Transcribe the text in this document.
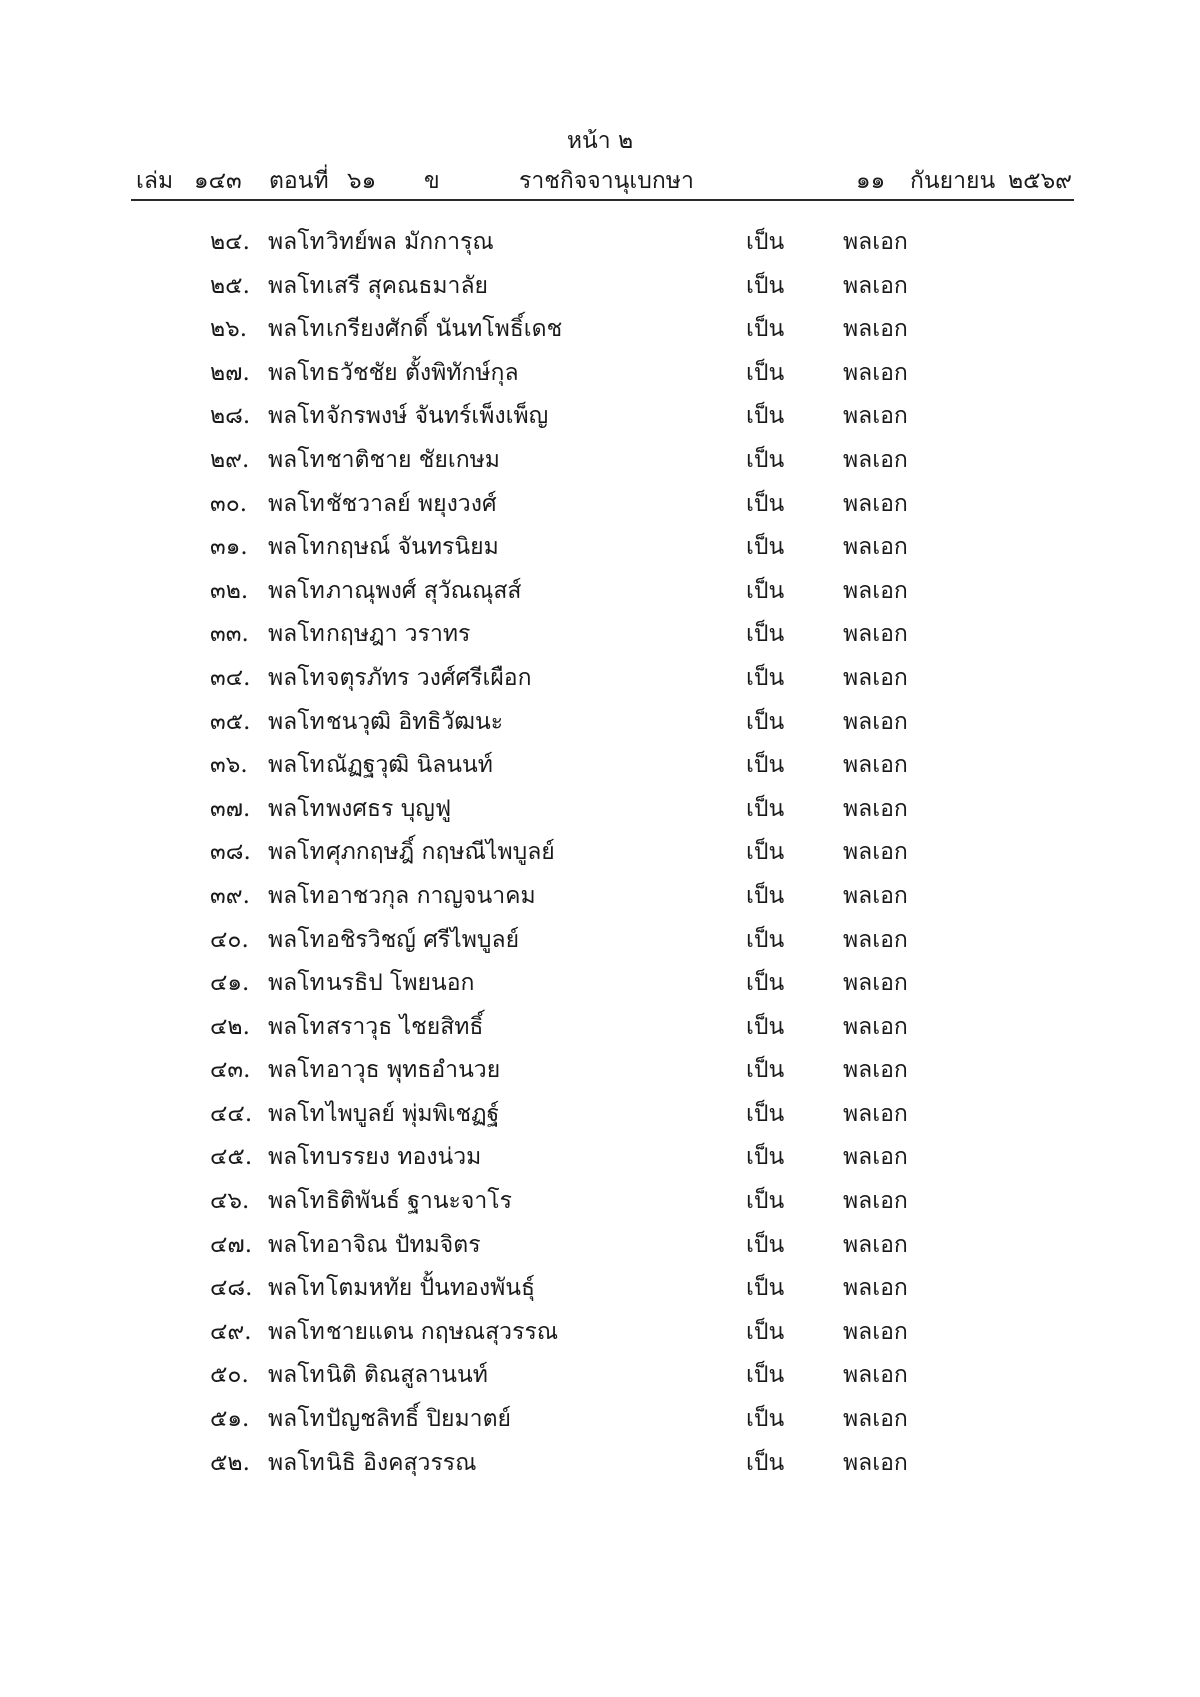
หน้า ๒
เล่ม ๑๔๓ ตอนที่ ๖๑ ข	ราชกิจจานุเบกษา	๑๑ กันยายน ๒๕๖๙
๒๔. พลโท วิทย์พล มักการุณ	เป็น	พลเอก
๒๕. พลโท เสรี สุคณธมาลัย	เป็น	พลเอก
๒๖. พลโท เกรียงศักดิ์ นันทโพธิ์เดช	เป็น	พลเอก
๒๗. พลโท ธวัชชัย ตั้งพิทักษ์กุล	เป็น	พลเอก
๒๘. พลโท จักรพงษ์ จันทร์เพ็งเพ็ญ	เป็น	พลเอก
๒๙. พลโท ชาติชาย ชัยเกษม	เป็น	พลเอก
๓๐. พลโท ชัชวาลย์ พยุงวงศ์	เป็น	พลเอก
๓๑. พลโท กฤษณ์ จันทรนิยม	เป็น	พลเอก
๓๒. พลโท ภาณุพงศ์ สุวัณณุสส์	เป็น	พลเอก
๓๓. พลโท กฤษฎา วราทร	เป็น	พลเอก
๓๔. พลโท จตุรภัทร วงศ์ศรีเผือก	เป็น	พลเอก
๓๕. พลโท ชนวุฒิ อิทธิวัฒนะ	เป็น	พลเอก
๓๖. พลโท ณัฏฐวุฒิ นิลนนท์	เป็น	พลเอก
๓๗. พลโท พงศธร บุญฟู	เป็น	พลเอก
๓๘. พลโท ศุภกฤษฎิ์ กฤษณีไพบูลย์	เป็น	พลเอก
๓๙. พลโท อาชวกุล กาญจนาคม	เป็น	พลเอก
๔๐. พลโท อชิรวิชญ์ ศรีไพบูลย์	เป็น	พลเอก
๔๑. พลโท นรธิป โพยนอก	เป็น	พลเอก
๔๒. พลโท สราวุธ ไชยสิทธิ์	เป็น	พลเอก
๔๓. พลโท อาวุธ พุทธอำนวย	เป็น	พลเอก
๔๔. พลโท ไพบูลย์ พุ่มพิเชฏฐ์	เป็น	พลเอก
๔๕. พลโท บรรยง ทองน่วม	เป็น	พลเอก
๔๖. พลโท ธิติพันธ์ ฐานะจาโร	เป็น	พลเอก
๔๗. พลโท อาจิณ ปัทมจิตร	เป็น	พลเอก
๔๘. พลโท โตมหทัย ปั้นทองพันธุ์	เป็น	พลเอก
๔๙. พลโท ชายแดน กฤษณสุวรรณ	เป็น	พลเอก
๕๐. พลโท นิติ ติณสูลานนท์	เป็น	พลเอก
๕๑. พลโท ปัญชลิทธิ์ ปิยมาตย์	เป็น	พลเอก
๕๒. พลโท นิธิ อิงคสุวรรณ	เป็น	พลเอก
